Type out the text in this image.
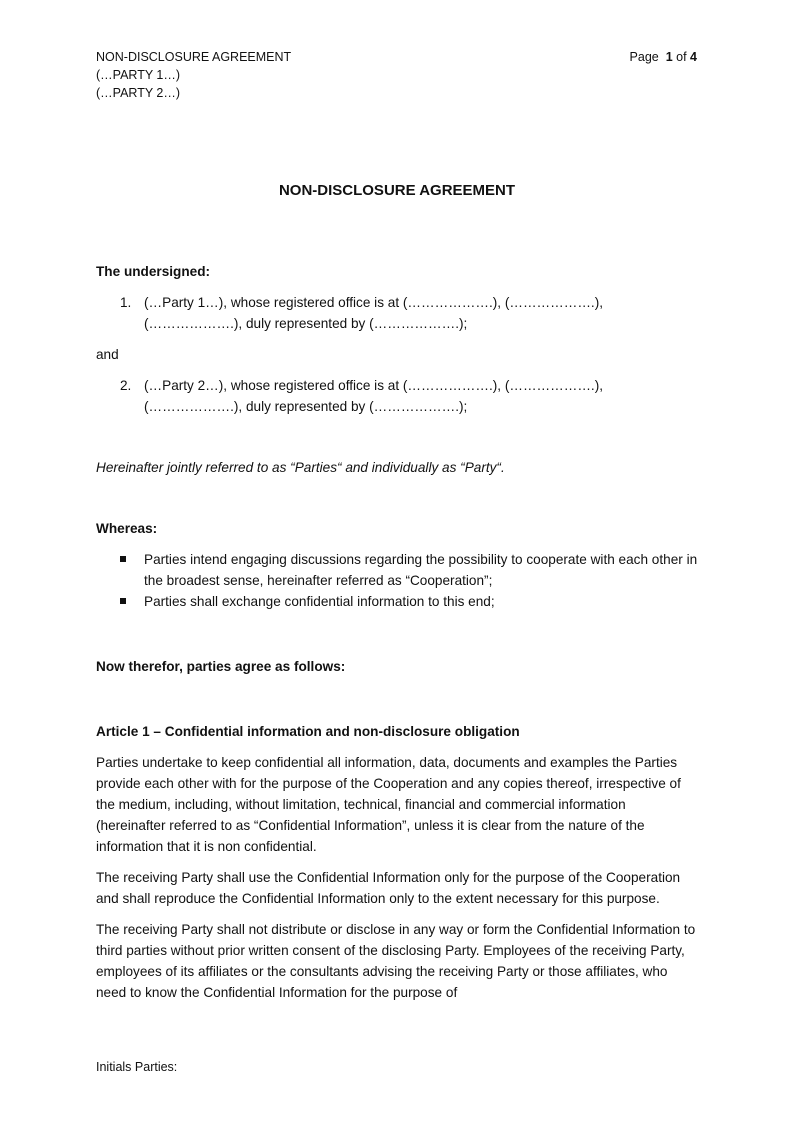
NON-DISCLOSURE AGREEMENT
(…PARTY 1…)
(…PARTY 2…)
Page 1 of 4
NON-DISCLOSURE AGREEMENT
The undersigned:
1. (…Party 1…), whose registered office is at (……………….), (……………….), (……………….), duly represented by (……………….);
and
2. (…Party 2…), whose registered office is at (……………….), (……………….), (……………….), duly represented by (……………….);
Hereinafter jointly referred to as “Parties“ and individually as “Party“.
Whereas:
Parties intend engaging discussions regarding the possibility to cooperate with each other in the broadest sense, hereinafter referred as “Cooperation”;
Parties shall exchange confidential information to this end;
Now therefor, parties agree as follows:
Article 1 – Confidential information and non-disclosure obligation
Parties undertake to keep confidential all information, data, documents and examples the Parties provide each other with for the purpose of the Cooperation and any copies thereof, irrespective of the medium, including, without limitation, technical, financial and commercial information (hereinafter referred to as “Confidential Information”, unless it is clear from the nature of the information that it is non confidential.
The receiving Party shall use the Confidential Information only for the purpose of the Cooperation and shall reproduce the Confidential Information only to the extent necessary for this purpose.
The receiving Party shall not distribute or disclose in any way or form the Confidential Information to third parties without prior written consent of the disclosing Party. Employees of the receiving Party, employees of its affiliates or the consultants advising the receiving Party or those affiliates, who need to know the Confidential Information for the purpose of
Initials Parties:
